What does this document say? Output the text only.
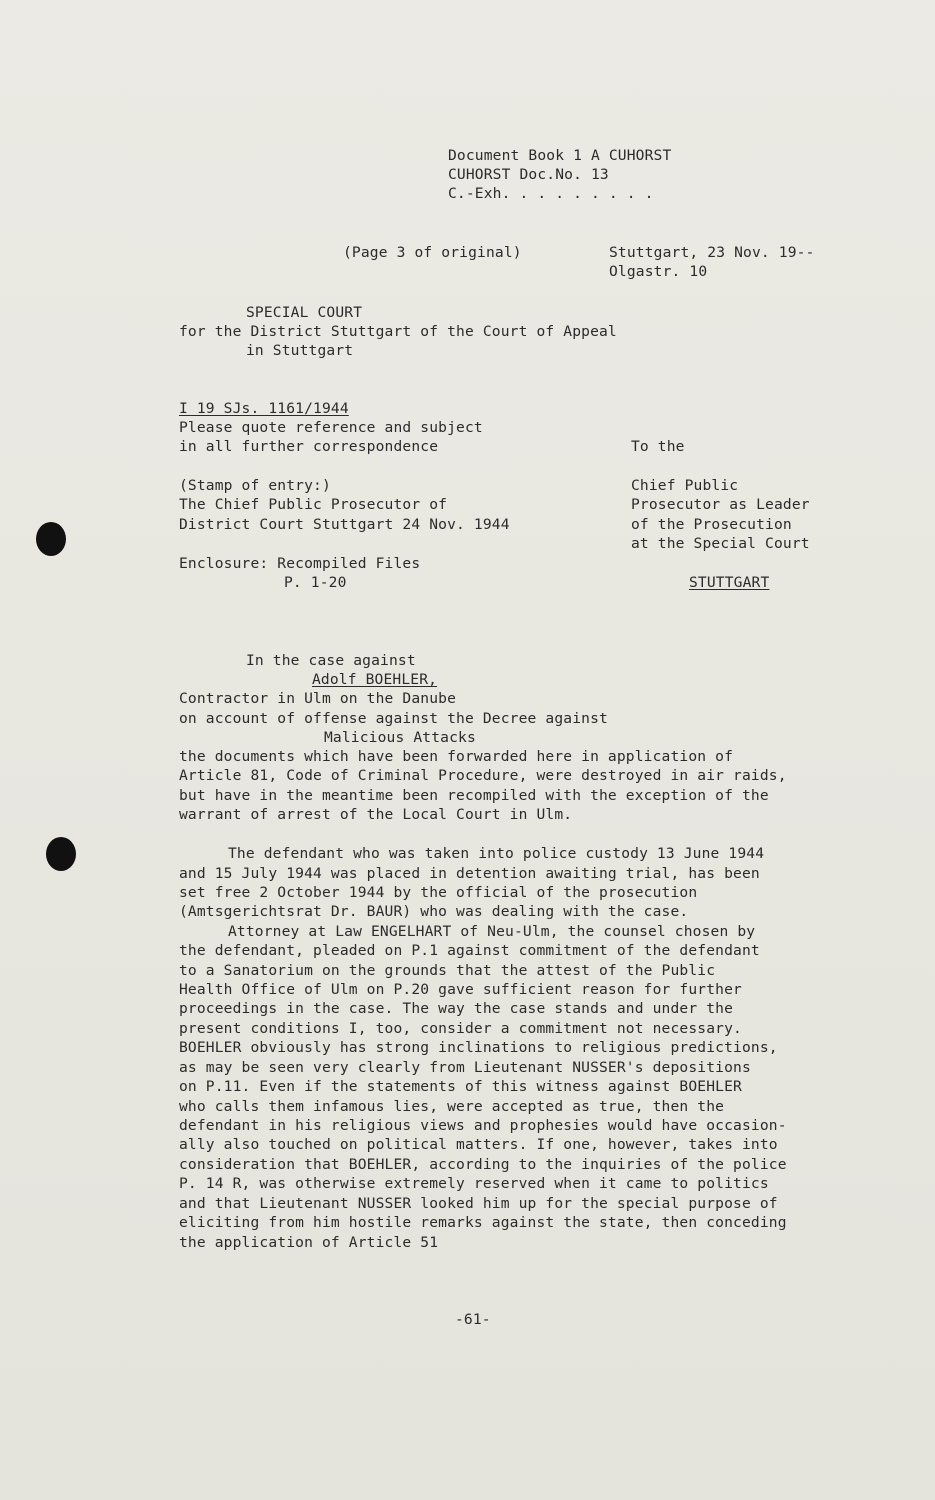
Document Book 1 A CUHORST
CUHORST Doc.No. 13
C.-Exh. . . . . . . . .
(Page 3 of original)	Stuttgart, 23 Nov. 19--
Olgastr. 10
SPECIAL COURT
for the District Stuttgart of the Court of Appeal
in Stuttgart
I 19 SJs. 1161/1944
Please quote reference and subject
in all further correspondence	To the
Chief Public
Prosecutor as Leader
of the Prosecution
at the Special Court
STUTTGART
(Stamp of entry:)
The Chief Public Prosecutor of
District Court Stuttgart 24 Nov. 1944
Enclosure: Recompiled Files
P. 1-20
In the case against
Adolf BOEHLER,
Contractor in Ulm on the Danube
on account of offense against the Decree against
Malicious Attacks
the documents which have been forwarded here in application of
Article 81, Code of Criminal Procedure, were destroyed in air raids,
but have in the meantime been recompiled with the exception of the
warrant of arrest of the Local Court in Ulm.
The defendant who was taken into police custody 13 June 1944
and 15 July 1944 was placed in detention awaiting trial, has been
set free 2 October 1944 by the official of the prosecution
(Amtsgerichtsrat Dr. BAUR) who was dealing with the case.
Attorney at Law ENGELHART of Neu-Ulm, the counsel chosen by
the defendant, pleaded on P.1 against commitment of the defendant
to a Sanatorium on the grounds that the attest of the Public
Health Office of Ulm on P.20 gave sufficient reason for further
proceedings in the case. The way the case stands and under the
present conditions I, too, consider a commitment not necessary.
BOEHLER obviously has strong inclinations to religious predictions,
as may be seen very clearly from Lieutenant NUSSER's depositions
on P.11. Even if the statements of this witness against BOEHLER
who calls them infamous lies, were accepted as true, then the
defendant in his religious views and prophesies would have occasion-
ally also touched on political matters. If one, however, takes into
consideration that BOEHLER, according to the inquiries of the police
P. 14 R, was otherwise extremely reserved when it came to politics
and that Lieutenant NUSSER looked him up for the special purpose of
eliciting from him hostile remarks against the state, then conceding
the application of Article 51
-61-
